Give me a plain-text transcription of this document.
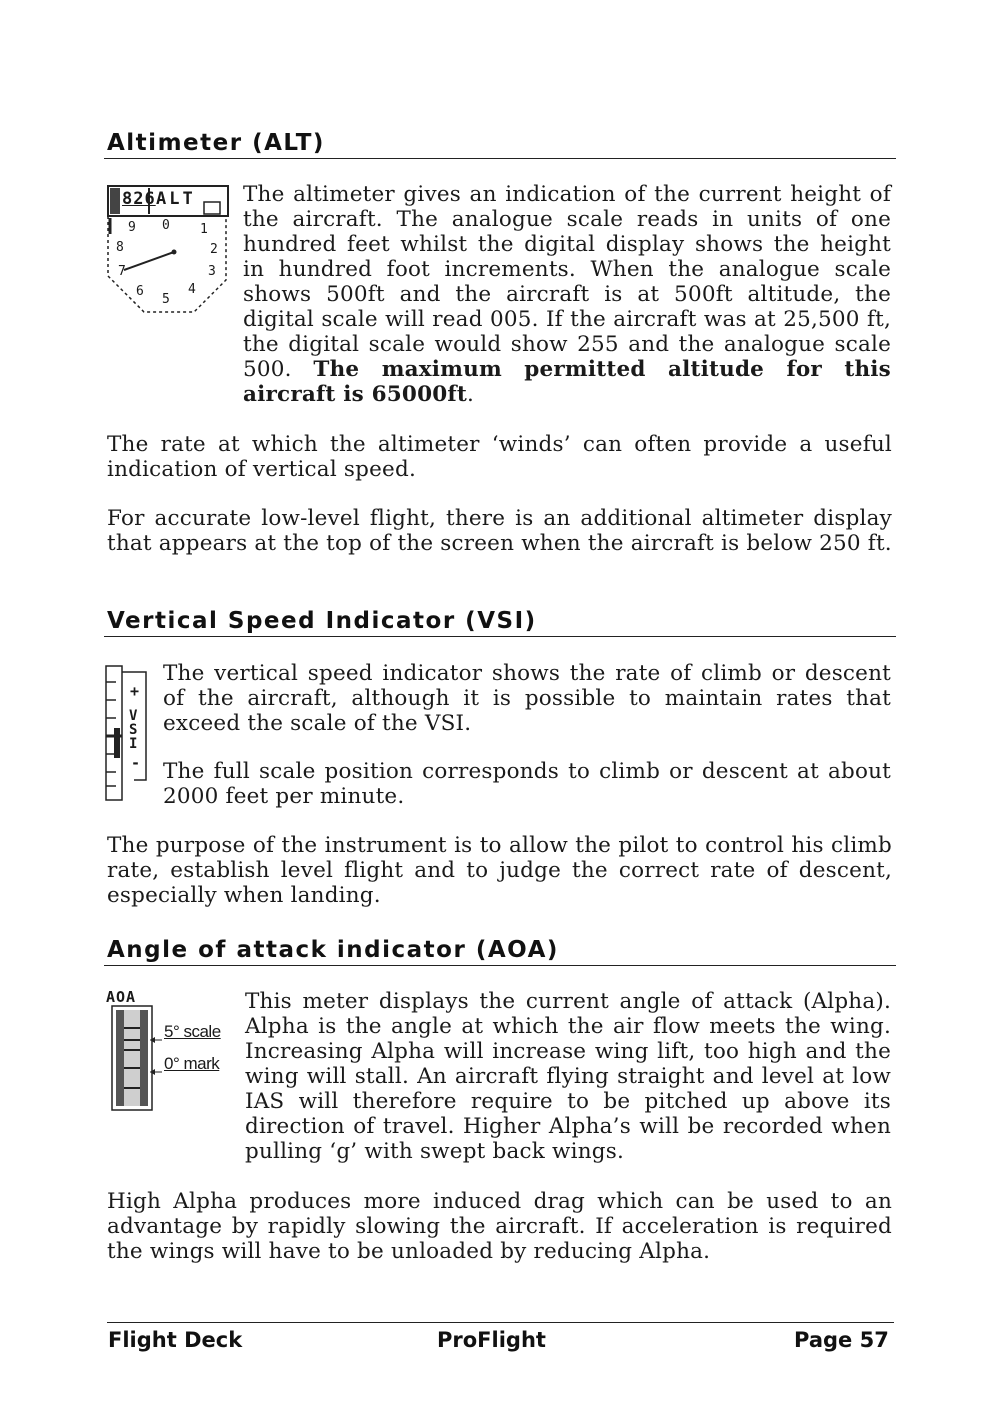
Altimeter (ALT)
826 ALT
0 1
2
3
4
5
6
7
8
9

The altimeter gives an indication of the current height of the aircraft. The analogue scale reads in units of one hundred feet whilst the digital display shows the height in hundred foot increments. When the analogue scale shows 500ft and the aircraft is at 500ft altitude, the digital scale will read 005. If the aircraft was at 25,500 ft, the digital scale would show 255 and the analogue scale 500. The maximum permitted altitude for this aircraft is 65000ft.

The rate at which the altimeter ‘winds’ can often provide a useful indication of vertical speed.

For accurate low-level flight, there is an additional altimeter display that appears at the top of the screen when the aircraft is below 250 ft.

Vertical Speed Indicator (VSI)
+
V
S
I
-

The vertical speed indicator shows the rate of climb or descent of the aircraft, although it is possible to maintain rates that exceed the scale of the VSI.

The full scale position corresponds to climb or descent at about 2000 feet per minute.

The purpose of the instrument is to allow the pilot to control his climb rate, establish level flight and to judge the correct rate of descent, especially when landing.

Angle of attack indicator (AOA)
AOA
5° scale
0° mark

This meter displays the current angle of attack (Alpha). Alpha is the angle at which the air flow meets the wing. Increasing Alpha will increase wing lift, too high and the wing will stall. An aircraft flying straight and level at low IAS will therefore require to be pitched up above its direction of travel. Higher Alpha’s will be recorded when pulling ‘g’ with swept back wings.

High Alpha produces more induced drag which can be used to an advantage by rapidly slowing the aircraft. If acceleration is required the wings will have to be unloaded by reducing Alpha.

Flight Deck	ProFlight	Page 57
